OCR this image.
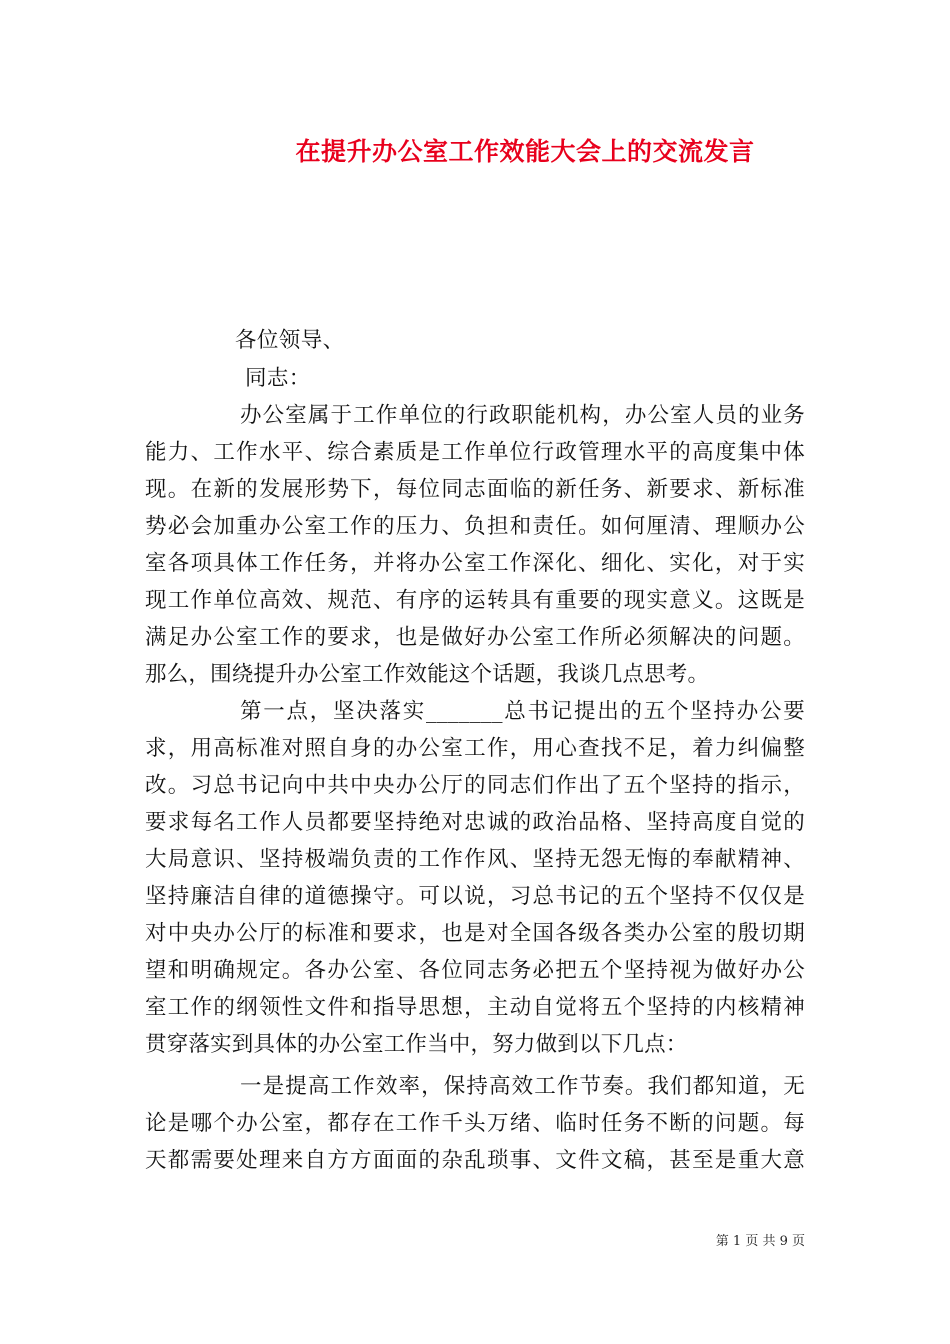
在提升办公室工作效能大会上的交流发言
各位领导、
同志：
办公室属于工作单位的行政职能机构，办公室人员的业务
能力、工作水平、综合素质是工作单位行政管理水平的高度集中体
现。在新的发展形势下，每位同志面临的新任务、新要求、新标准
势必会加重办公室工作的压力、负担和责任。如何厘清、理顺办公
室各项具体工作任务，并将办公室工作深化、细化、实化，对于实
现工作单位高效、规范、有序的运转具有重要的现实意义。这既是
满足办公室工作的要求，也是做好办公室工作所必须解决的问题。
那么，围绕提升办公室工作效能这个话题，我谈几点思考。
第一点，坚决落实_______总书记提出的五个坚持办公要
求，用高标准对照自身的办公室工作，用心查找不足，着力纠偏整
改。习总书记向中共中央办公厅的同志们作出了五个坚持的指示，
要求每名工作人员都要坚持绝对忠诚的政治品格、坚持高度自觉的
大局意识、坚持极端负责的工作作风、坚持无怨无悔的奉献精神、
坚持廉洁自律的道德操守。可以说，习总书记的五个坚持不仅仅是
对中央办公厅的标准和要求，也是对全国各级各类办公室的殷切期
望和明确规定。各办公室、各位同志务必把五个坚持视为做好办公
室工作的纲领性文件和指导思想，主动自觉将五个坚持的内核精神
贯穿落实到具体的办公室工作当中，努力做到以下几点：
一是提高工作效率，保持高效工作节奏。我们都知道，无
论是哪个办公室，都存在工作千头万绪、临时任务不断的问题。每
天都需要处理来自方方面面的杂乱琐事、文件文稿，甚至是重大意
第 1 页 共 9 页
